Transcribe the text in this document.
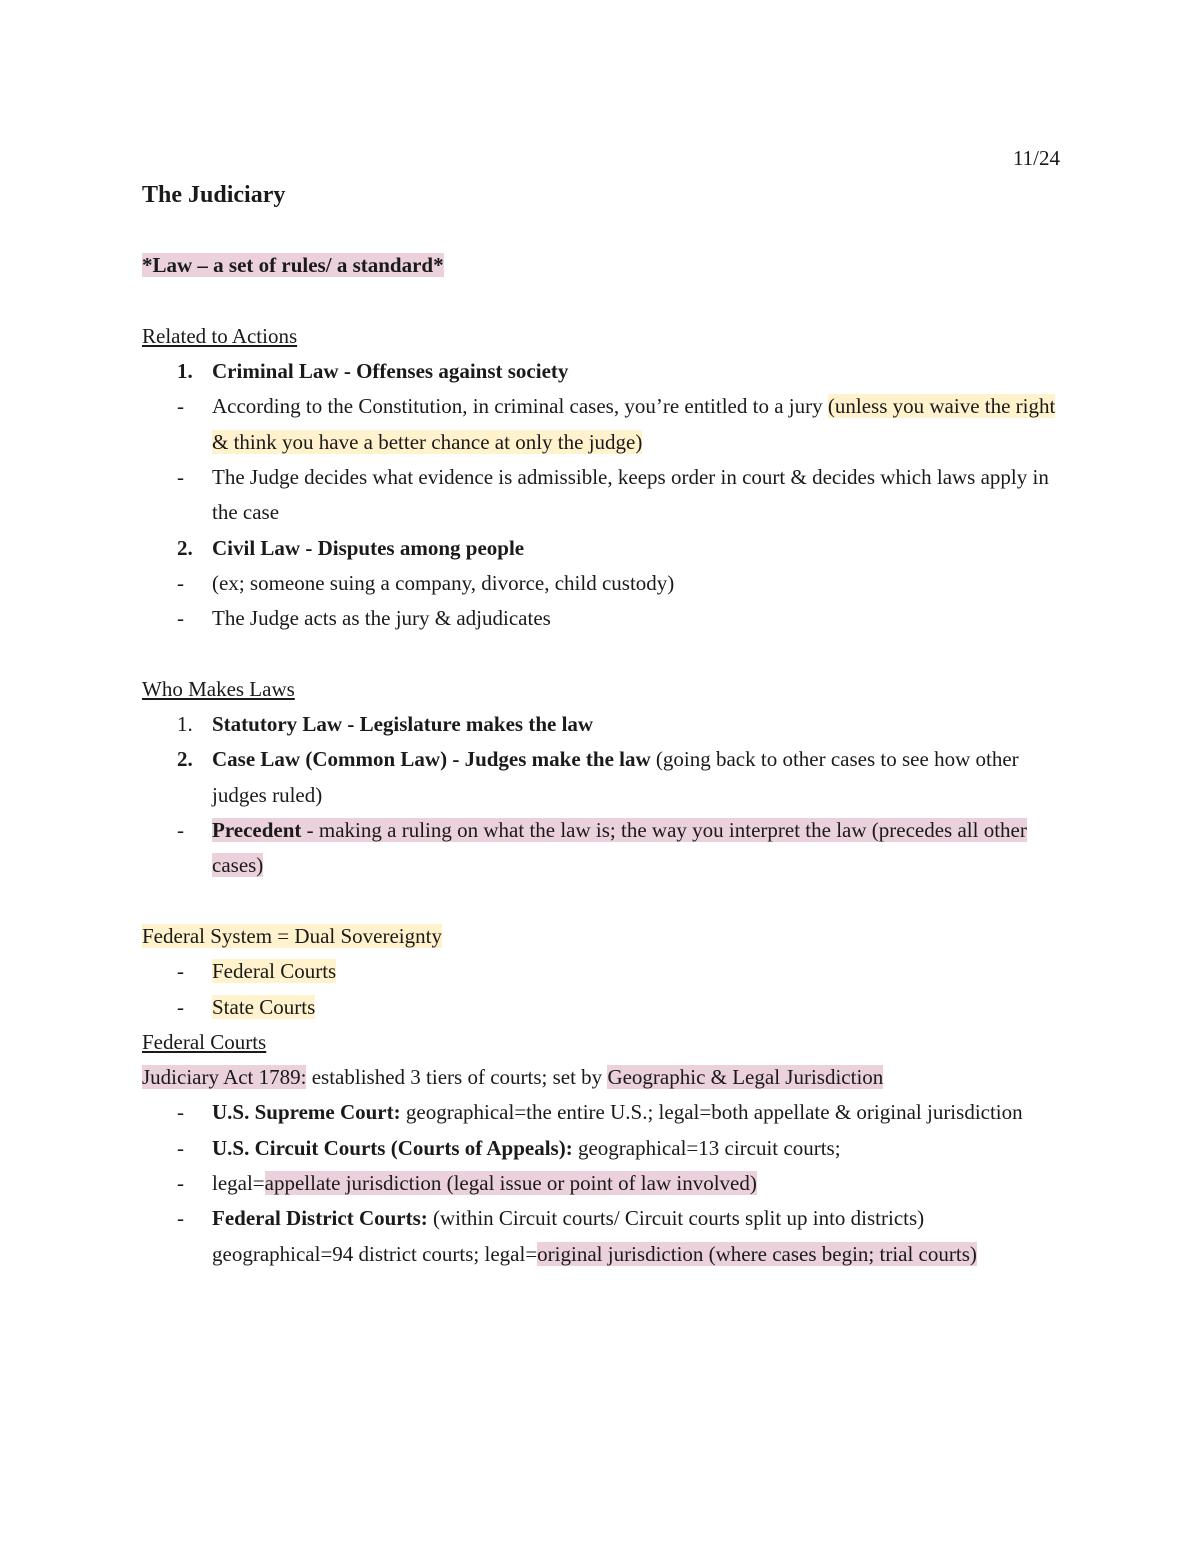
11/24

The Judiciary

*Law – a set of rules/ a standard*

Related to Actions

1. Criminal Law - Offenses against society

- According to the Constitution, in criminal cases, you’re entitled to a jury (unless you waive the right & think you have a better chance at only the judge)

- The Judge decides what evidence is admissible, keeps order in court & decides which laws apply in the case

2. Civil Law - Disputes among people

- (ex; someone suing a company, divorce, child custody)

- The Judge acts as the jury & adjudicates

Who Makes Laws

1. Statutory Law - Legislature makes the law

2. Case Law (Common Law) - Judges make the law (going back to other cases to see how other judges ruled)

- Precedent - making a ruling on what the law is; the way you interpret the law (precedes all other cases)

Federal System = Dual Sovereignty

- Federal Courts

- State Courts

Federal Courts

Judiciary Act 1789: established 3 tiers of courts; set by Geographic & Legal Jurisdiction

- U.S. Supreme Court: geographical=the entire U.S.; legal=both appellate & original jurisdiction

- U.S. Circuit Courts (Courts of Appeals): geographical=13 circuit courts;

- legal=appellate jurisdiction (legal issue or point of law involved)

- Federal District Courts: (within Circuit courts/ Circuit courts split up into districts)

geographical=94 district courts; legal=original jurisdiction (where cases begin; trial courts)
